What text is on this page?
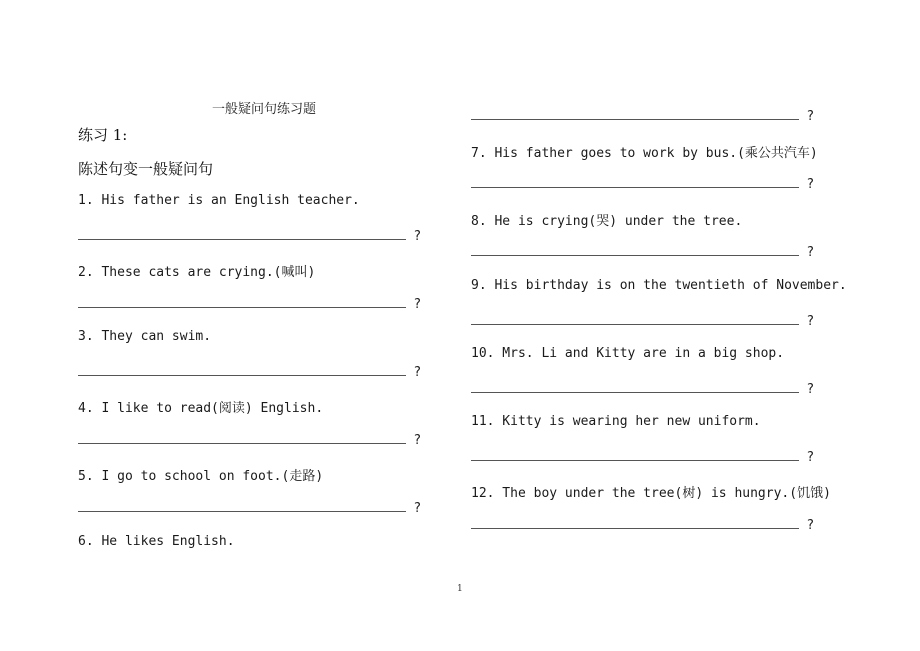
一般疑问句练习题
练习 1:
陈述句变一般疑问句
1. His father is an English teacher.
?
2. These cats are crying.(喊叫)
?
3. They can swim.
?
4. I like to read(阅读) English.
?
5. I go to school on foot.(走路)
?
6. He likes English.
?
7. His father goes to work by bus.(乘公共汽车)
?
8. He is crying(哭) under the tree.
?
9. His birthday is on the twentieth of November.
?
10. Mrs. Li and Kitty are in a big shop.
?
11. Kitty is wearing her new uniform.
?
12. The boy under the tree(树) is hungry.(饥饿)
?
1
